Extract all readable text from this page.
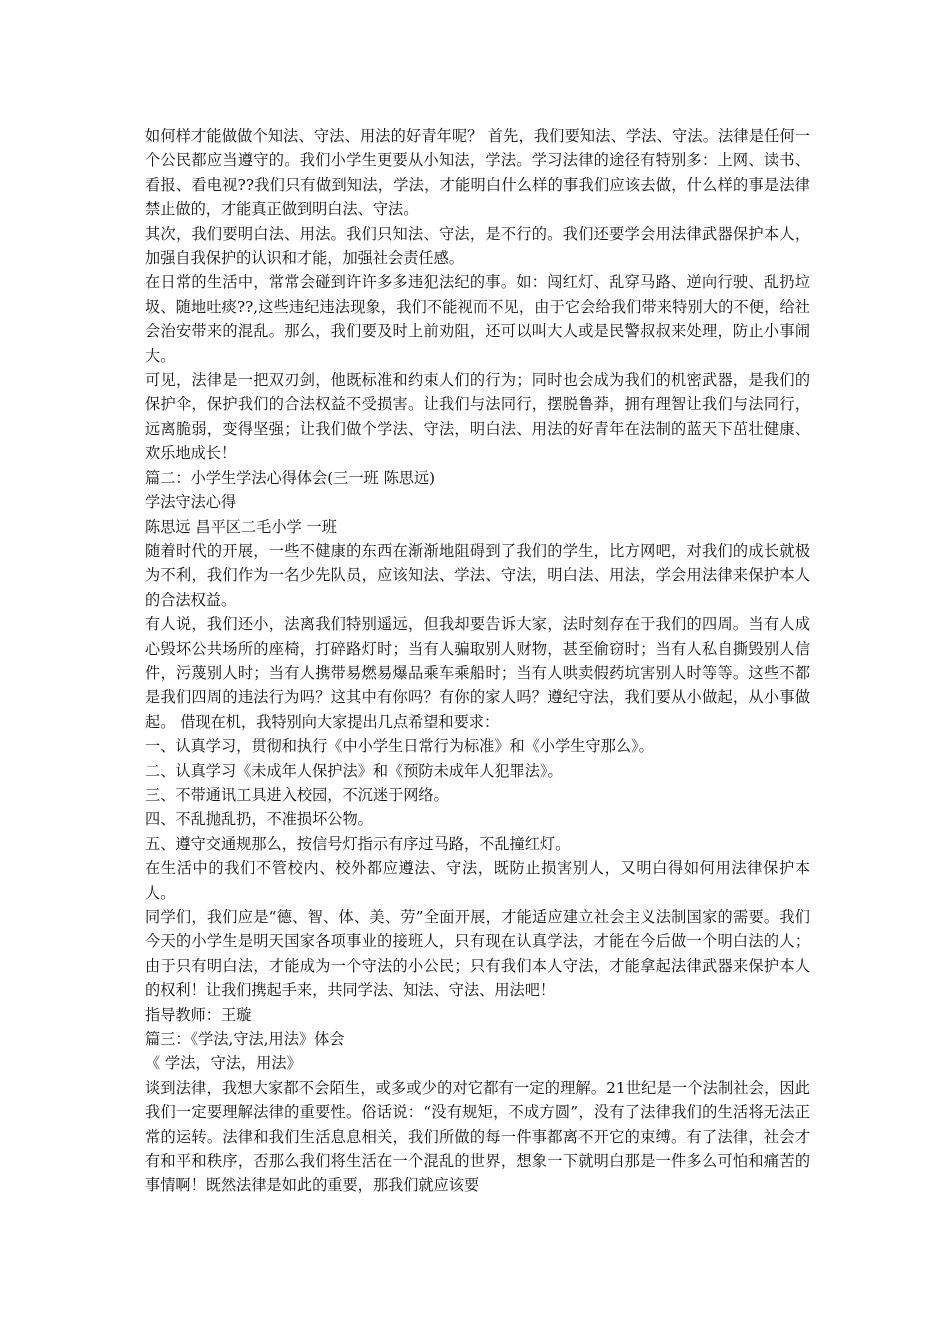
如何样才能做做个知法、守法、用法的好青年呢？ 首先，我们要知法、学法、守法。法律是任何一个公民都应当遵守的。我们小学生更要从小知法，学法。学习法律的途径有特别多：上网、读书、看报、看电视??我们只有做到知法，学法，才能明白什么样的事我们应该去做，什么样的事是法律禁止做的，才能真正做到明白法、守法。

其次，我们要明白法、用法。我们只知法、守法，是不行的。我们还要学会用法律武器保护本人，加强自我保护的认识和才能，加强社会责任感。

在日常的生活中，常常会碰到许许多多违犯法纪的事。如：闯红灯、乱穿马路、逆向行驶、乱扔垃圾、随地吐痰??,这些违纪违法现象，我们不能视而不见，由于它会给我们带来特别大的不便，给社会治安带来的混乱。那么，我们要及时上前劝阻，还可以叫大人或是民警叔叔来处理，防止小事闹大。

可见，法律是一把双刃剑，他既标准和约束人们的行为；同时也会成为我们的机密武器，是我们的保护伞，保护我们的合法权益不受损害。让我们与法同行，摆脱鲁莽，拥有理智让我们与法同行，远离脆弱，变得坚强；让我们做个学法、守法，明白法、用法的好青年在法制的蓝天下茁壮健康、欢乐地成长！

篇二：小学生学法心得体会(三一班 陈思远)

学法守法心得

陈思远 昌平区二毛小学 一班

随着时代的开展，一些不健康的东西在渐渐地阻碍到了我们的学生，比方网吧，对我们的成长就极为不利，我们作为一名少先队员，应该知法、学法、守法，明白法、用法，学会用法律来保护本人的合法权益。

有人说，我们还小，法离我们特别遥远，但我却要告诉大家，法时刻存在于我们的四周。当有人成心毁坏公共场所的座椅，打碎路灯时；当有人骗取别人财物，甚至偷窃时；当有人私自撕毁别人信件，污蔑别人时；当有人携带易燃易爆品乘车乘船时；当有人哄卖假药坑害别人时等等。这些不都是我们四周的违法行为吗？这其中有你吗？有你的家人吗？遵纪守法，我们要从小做起，从小事做起。 借现在机，我特别向大家提出几点希望和要求：

一、认真学习，贯彻和执行《中小学生日常行为标准》和《小学生守那么》。

二、认真学习《未成年人保护法》和《预防未成年人犯罪法》。

三、不带通讯工具进入校园，不沉迷于网络。

四、不乱抛乱扔，不准损坏公物。

五、遵守交通规那么，按信号灯指示有序过马路，不乱撞红灯。

在生活中的我们不管校内、校外都应遵法、守法，既防止损害别人，又明白得如何用法律保护本人。

同学们，我们应是“德、智、体、美、劳”全面开展，才能适应建立社会主义法制国家的需要。我们今天的小学生是明天国家各项事业的接班人，只有现在认真学法，才能在今后做一个明白法的人；由于只有明白法，才能成为一个守法的小公民；只有我们本人守法，才能拿起法律武器来保护本人的权利！让我们携起手来，共同学法、知法、守法、用法吧！

指导教师：王璇

篇三：《学法,守法,用法》体会

《 学法，守法，用法》

谈到法律，我想大家都不会陌生，或多或少的对它都有一定的理解。21世纪是一个法制社会，因此我们一定要理解法律的重要性。俗话说：“没有规矩，不成方圆”，没有了法律我们的生活将无法正常的运转。法律和我们生活息息相关，我们所做的每一件事都离不开它的束缚。有了法律，社会才有和平和秩序，否那么我们将生活在一个混乱的世界，想象一下就明白那是一件多么可怕和痛苦的事情啊！既然法律是如此的重要，那我们就应该要
